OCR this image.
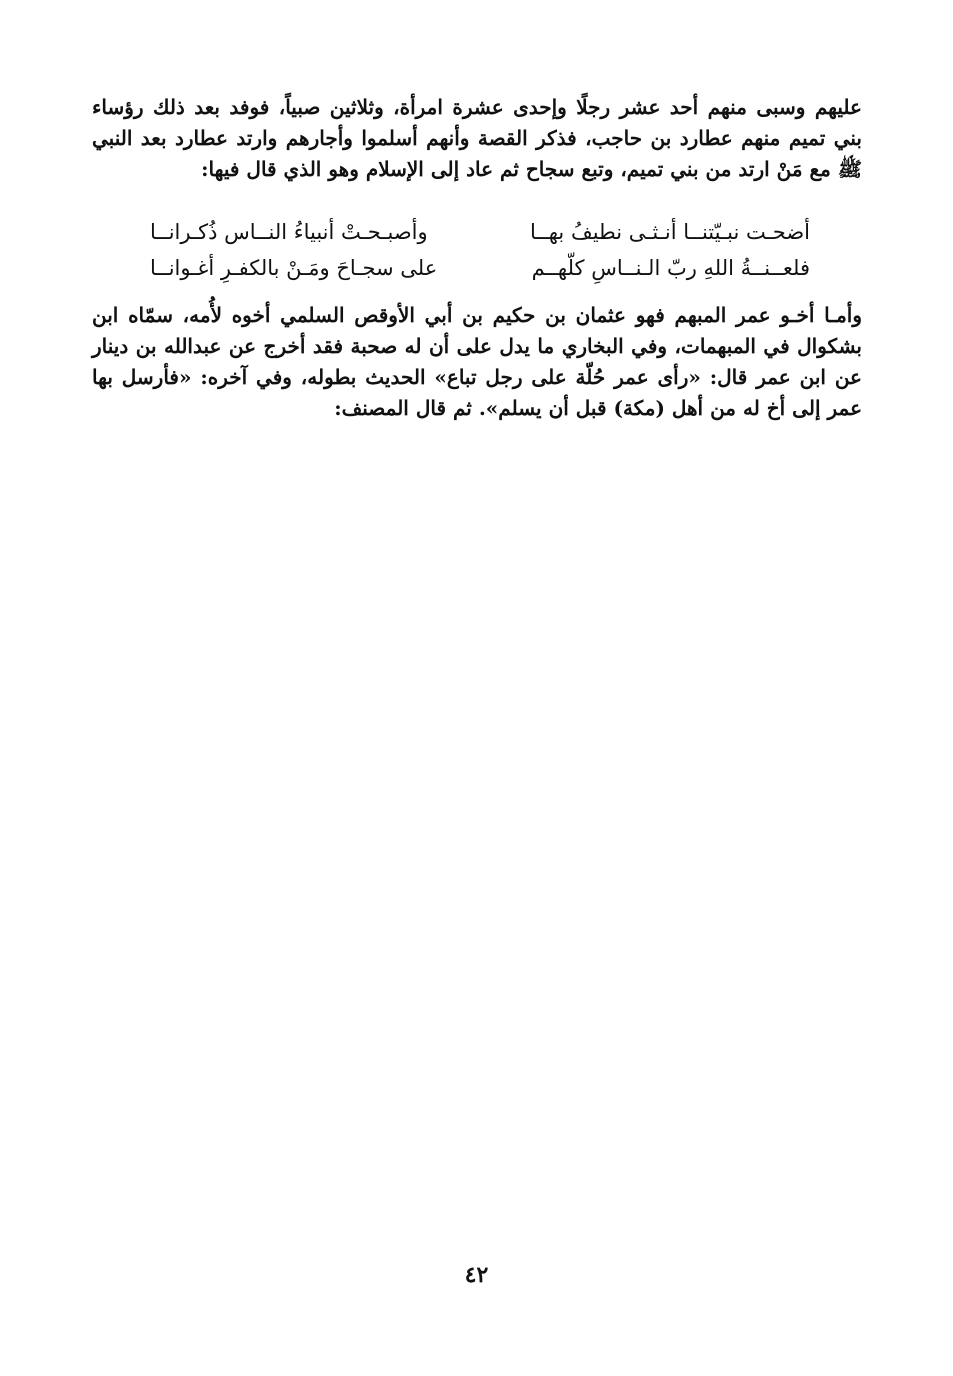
عليهم وسبى منهم أحد عشر رجلًا وإحدى عشرة امرأة، وثلاثين صبياً، فوفد بعد ذلك رؤساء بني تميم منهم عطارد بن حاجب، فذكر القصة وأنهم أسلموا وأجارهم وارتد عطارد بعد النبي ﷺ مع مَنْ ارتد من بني تميم، وتبع سجاح ثم عاد إلى الإسلام وهو الذي قال فيها:

أضحـت نبـيّتنــا أنـثـى نطيفُ بهــا
وأصبـحـتْ أنبياءُ النــاس ذُكـرانــا
فلعــنــةُ اللهِ ربّ الـنــاسِ كلّهــم
على سجـاحَ ومَـنْ بالكفـرِ أغـوانــا

وأمـا أخـو عمر المبهم فهو عثمان بن حكيم بن أبي الأوقص السلمي أخوه لأُمه، سمّاه ابن بشكوال في المبهمات، وفي البخاري ما يدل على أن له صحبة فقد أخرج عن عبدالله بن دينار عن ابن عمر قال: «رأى عمر حُلّة على رجل تباع» الحديث بطوله، وفي آخره: «فأرسل بها عمر إلى أخ له من أهل (مكة) قبل أن يسلم». ثم قال المصنف:

٤٢
